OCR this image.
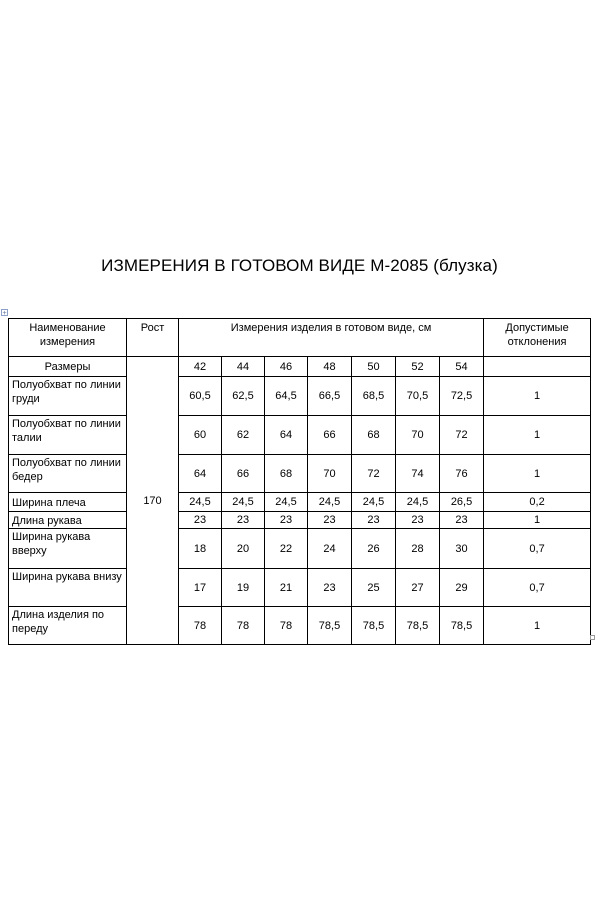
ИЗМЕРЕНИЯ В ГОТОВОМ ВИДЕ М-2085 (блузка)
+
Наименование измерения	Рост	Измерения изделия в готовом виде, см							Допустимые отклонения
Размеры	170	42	44	46	48	50	52	54	
Полуобхват по линии груди		60,5	62,5	64,5	66,5	68,5	70,5	72,5	1
Полуобхват по линии талии		60	62	64	66	68	70	72	1
Полуобхват по линии бедер		64	66	68	70	72	74	76	1
Ширина плеча		24,5	24,5	24,5	24,5	24,5	24,5	26,5	0,2
Длина рукава		23	23	23	23	23	23	23	1
Ширина рукава вверху		18	20	22	24	26	28	30	0,7
Ширина рукава внизу		17	19	21	23	25	27	29	0,7
Длина изделия по переду		78	78	78	78,5	78,5	78,5	78,5	1
